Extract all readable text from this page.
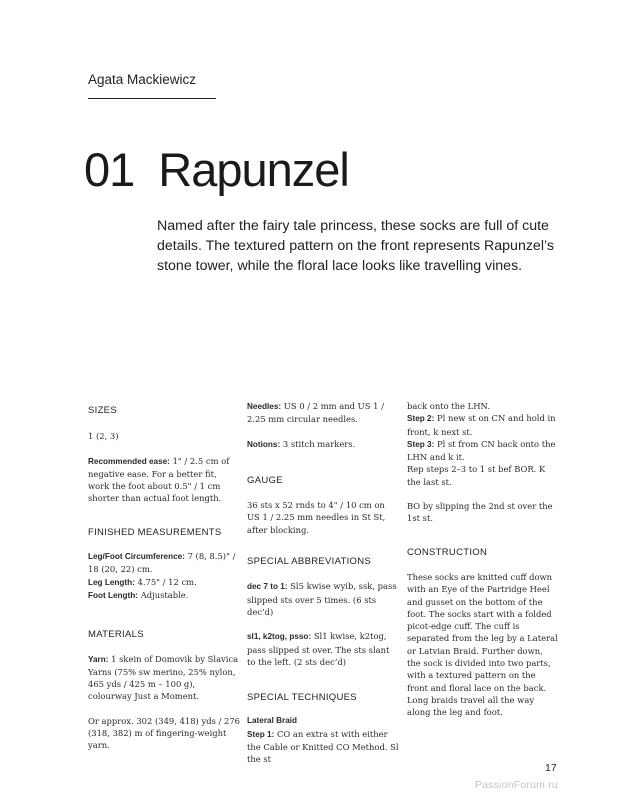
Agata Mackiewicz
01 Rapunzel
Named after the fairy tale princess, these socks are full of cute details. The textured pattern on the front represents Rapunzel’s stone tower, while the floral lace looks like travelling vines.

SIZES

1 (2, 3)

Recommended ease: 1" / 2.5 cm of negative ease. For a better fit, work the foot about 0.5" / 1 cm shorter than actual foot length.

FINISHED MEASUREMENTS

Leg/Foot Circumference: 7 (8, 8.5)" / 18 (20, 22) cm.

Leg Length: 4.75" / 12 cm.

Foot Length: Adjustable.

MATERIALS

Yarn: 1 skein of Domovik by Slavica Yarns (75% sw merino, 25% nylon, 465 yds / 425 m – 100 g), colourway Just a Moment.

Or approx. 302 (349, 418) yds / 276 (318, 382) m of fingering-weight yarn.

Needles: US 0 / 2 mm and US 1 / 2.25 mm circular needles.

Notions: 3 stitch markers.

GAUGE

36 sts x 52 rnds to 4" / 10 cm on US 1 / 2.25 mm needles in St St, after blocking.

SPECIAL ABBREVIATIONS

dec 7 to 1: Sl5 kwise wyib, ssk, pass slipped sts over 5 times. (6 sts dec’d)

sl1, k2tog, psso: Sl1 kwise, k2tog, pass slipped st over. The sts slant to the left. (2 sts dec’d)

SPECIAL TECHNIQUES

Lateral Braid

Step 1: CO an extra st with either the Cable or Knitted CO Method. Sl the st

back onto the LHN.

Step 2: Pl new st on CN and hold in front, k next st.

Step 3: Pl st from CN back onto the LHN and k it.

Rep steps 2–3 to 1 st bef BOR. K the last st.

BO by slipping the 2nd st over the 1st st.

CONSTRUCTION

These socks are knitted cuff down with an Eye of the Partridge Heel and gusset on the bottom of the foot. The socks start with a folded picot-edge cuff. The cuff is separated from the leg by a Lateral or Latvian Braid. Further down, the sock is divided into two parts, with a textured pattern on the front and floral lace on the back. Long braids travel all the way along the leg and foot.

17
PassionForum.ru
